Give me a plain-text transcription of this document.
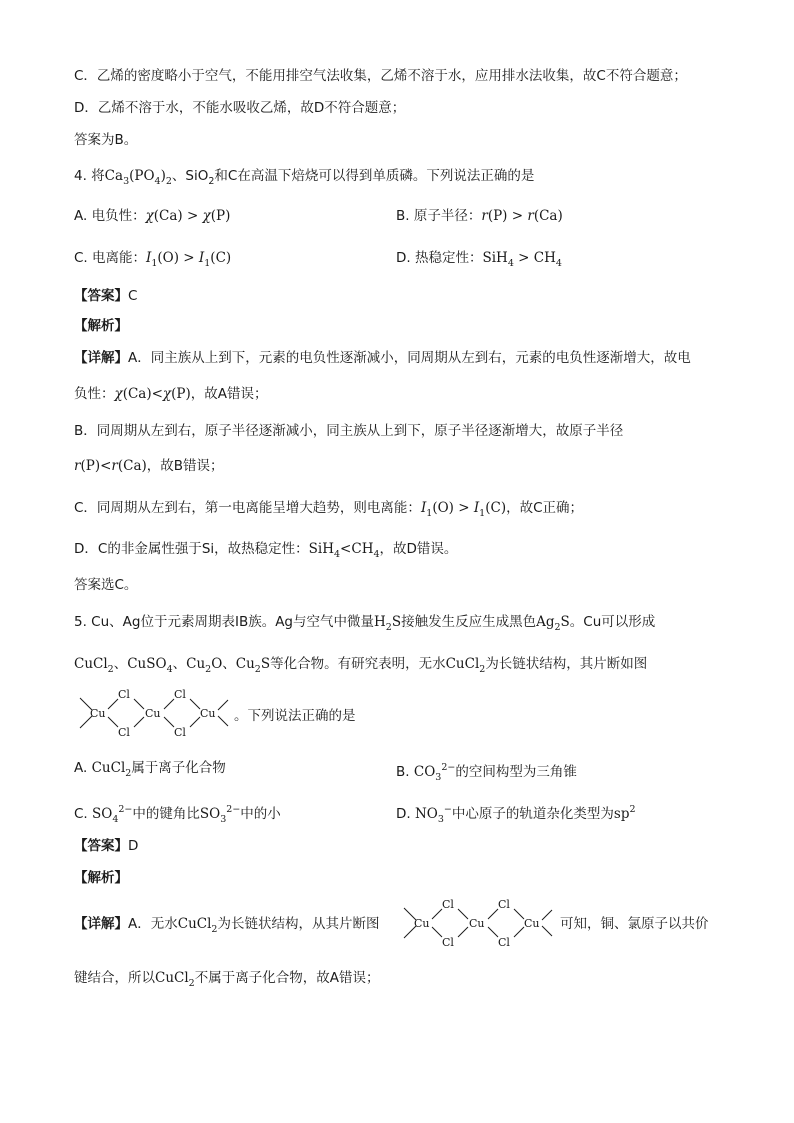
C．乙烯的密度略小于空气，不能用排空气法收集，乙烯不溶于水，应用排水法收集，故C不符合题意；
D．乙烯不溶于水，不能水吸收乙烯，故D不符合题意；
答案为B。
4. 将$Ca_3(PO_4)_2$、SiO$_2$和C在高温下焙烧可以得到单质磷。下列说法正确的是
A. 电负性：χ(Ca) > χ(P)	B. 原子半径：r(P) > r(Ca)
C. 电离能：$I_1(O) > I_1(C)$	D. 热稳定性：$SiH_4 > CH_4$
【答案】C
【解析】
【详解】A．同主族从上到下，元素的电负性逐渐减小，同周期从左到右，元素的电负性逐渐增大，故电
负性：χ(Ca)<χ(P)，故A错误；
B．同周期从左到右，原子半径逐渐减小，同主族从上到下，原子半径逐渐增大，故原子半径
r(P)<r(Ca)，故B错误；
C．同周期从左到右，第一电离能呈增大趋势，则电离能：$I_1(O) > I_1(C)$，故C正确；
D．C的非金属性强于Si，故热稳定性：$SiH_4<CH_4$，故D错误。
答案选C。
5. Cu、Ag位于元素周期表ⅠB族。Ag与空气中微量$H_2S$接触发生反应生成黑色$Ag_2S$。Cu可以形成
CuCl$_2$、CuSO$_4$、$Cu_2O$、$Cu_2S$等化合物。有研究表明，无水CuCl$_2$为长链状结构，其片断如图
Cu
Cl
Cl
Cu
Cl
Cl
Cu 。下列说法正确的是
A. CuCl$_2$属于离子化合物	B. $CO_3^{2-}$的空间构型为三角锥
C. $SO_4^{2-}$中的键角比$SO_3^{2-}$中的小	D. $NO_3^-$中心原子的轨道杂化类型为$sp^2$
【答案】D
【解析】
【详解】A．无水CuCl$_2$为长链状结构，从其片断图	Cu
Cl
Cl
Cu
Cl
Cl
Cu 可知，铜、氯原子以共价
键结合，所以CuCl$_2$不属于离子化合物，故A错误；
